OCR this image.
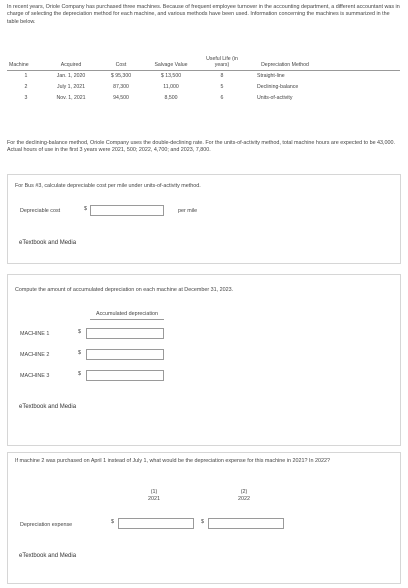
In recent years, Oriole Company has purchased three machines. Because of frequent employee turnover in the accounting department, a different accountant was in charge of selecting the depreciation method for each machine, and various methods have been used. Information concerning the machines is summarized in the table below.
Machine	Acquired	Cost	Salvage Value	Useful Life (in years)	Depreciation Method	
1	Jan. 1, 2020	$ 95,300	$ 13,500	8	Straight-line	
2	July 1, 2021	87,300	11,000	5	Declining-balance	
3	Nov. 1, 2021	94,500	8,500	6	Units-of-activity	
For the declining-balance method, Oriole Company uses the double-declining rate. For the units-of-activity method, total machine hours are expected to be 43,000. Actual hours of use in the first 3 years were 2021, 500; 2022, 4,700; and 2023, 7,800.
For Bus #3, calculate depreciable cost per mile under units-of-activity method.
Depreciable cost	$	per mile
eTextbook and Media
Compute the amount of accumulated depreciation on each machine at December 31, 2023.
Accumulated depreciation
MACHINE 1	$
MACHINE 2	$
MACHINE 3	$
eTextbook and Media
If machine 2 was purchased on April 1 instead of July 1, what would be the depreciation expense for this machine in 2021? In 2022?
(1)
2021
(2)
2022
Depreciation expense	$	$
eTextbook and Media
